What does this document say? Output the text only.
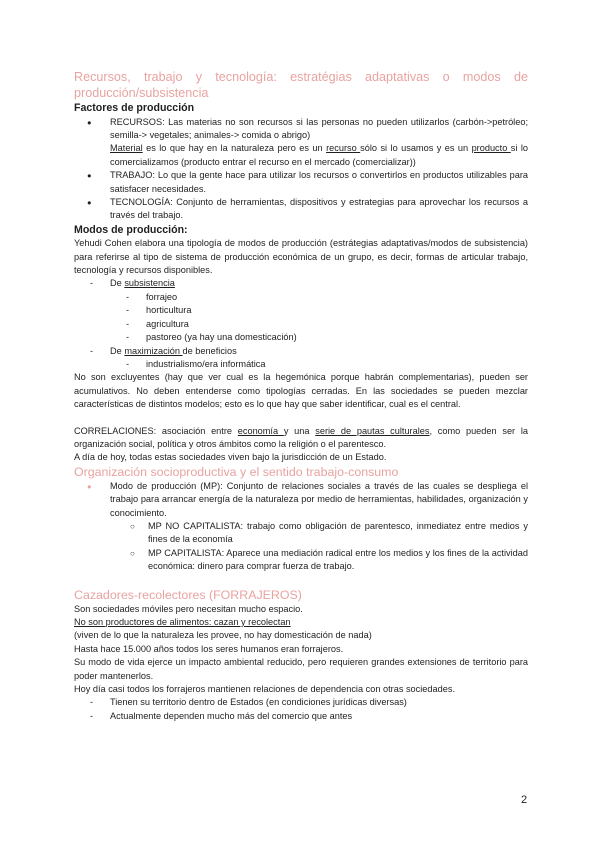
Recursos, trabajo y tecnología: estratégias adaptativas o modos de producción/subsistencia
Factores de producción
● RECURSOS: Las materias no son recursos si las personas no pueden utilizarlos (carbón->petróleo; semilla-> vegetales; animales-> comida o abrigo)
Material es lo que hay en la naturaleza pero es un recurso sólo si lo usamos y es un producto si lo comercializamos (producto entrar el recurso en el mercado (comercializar))
● TRABAJO: Lo que la gente hace para utilizar los recursos o convertirlos en productos utilizables para satisfacer necesidades.
● TECNOLOGÍA: Conjunto de herramientas, dispositivos y estrategias para aprovechar los recursos a través del trabajo.
Modos de producción:

Yehudi Cohen elabora una tipología de modos de producción (estrátegias adaptativas/modos de subsistencia) para referirse al tipo de sistema de producción económica de un grupo, es decir, formas de articular trabajo, tecnología y recursos disponibles.

- De subsistencia
- forrajeo
- horticultura
- agricultura
- pastoreo (ya hay una domesticación)
- De maximización de beneficios
- industrialismo/era informática

No son excluyentes (hay que ver cual es la hegemónica porque habrán complementarias), pueden ser acumulativos. No deben entenderse como tipologías cerradas. En las sociedades se pueden mezclar características de distintos modelos; esto es lo que hay que saber identificar, cual es el central.

CORRELACIONES: asociación entre economía y una serie de pautas culturales, como pueden ser la organización social, política y otros ámbitos como la religión o el parentesco.

A día de hoy, todas estas sociedades viven bajo la jurisdicción de un Estado.

Organización socioproductiva y el sentido trabajo-consumo
● Modo de producción (MP): Conjunto de relaciones sociales a través de las cuales se despliega el trabajo para arrancar energía de la naturaleza por medio de herramientas, habilidades, organización y conocimiento.
○ MP NO CAPITALISTA: trabajo como obligación de parentesco, inmediatez entre medios y fines de la economía
○ MP CAPITALISTA: Aparece una mediación radical entre los medios y los fines de la actividad económica: dinero para comprar fuerza de trabajo.
Cazadores-recolectores (FORRAJEROS)

Son sociedades móviles pero necesitan mucho espacio.

No son productores de alimentos: cazan y recolectan

(viven de lo que la naturaleza les provee, no hay domesticación de nada)

Hasta hace 15.000 años todos los seres humanos eran forrajeros.

Su modo de vida ejerce un impacto ambiental reducido, pero requieren grandes extensiones de territorio para poder mantenerlos.

Hoy día casi todos los forrajeros mantienen relaciones de dependencia con otras sociedades.

- Tienen su territorio dentro de Estados (en condiciones jurídicas diversas)
- Actualmente dependen mucho más del comercio que antes
2
